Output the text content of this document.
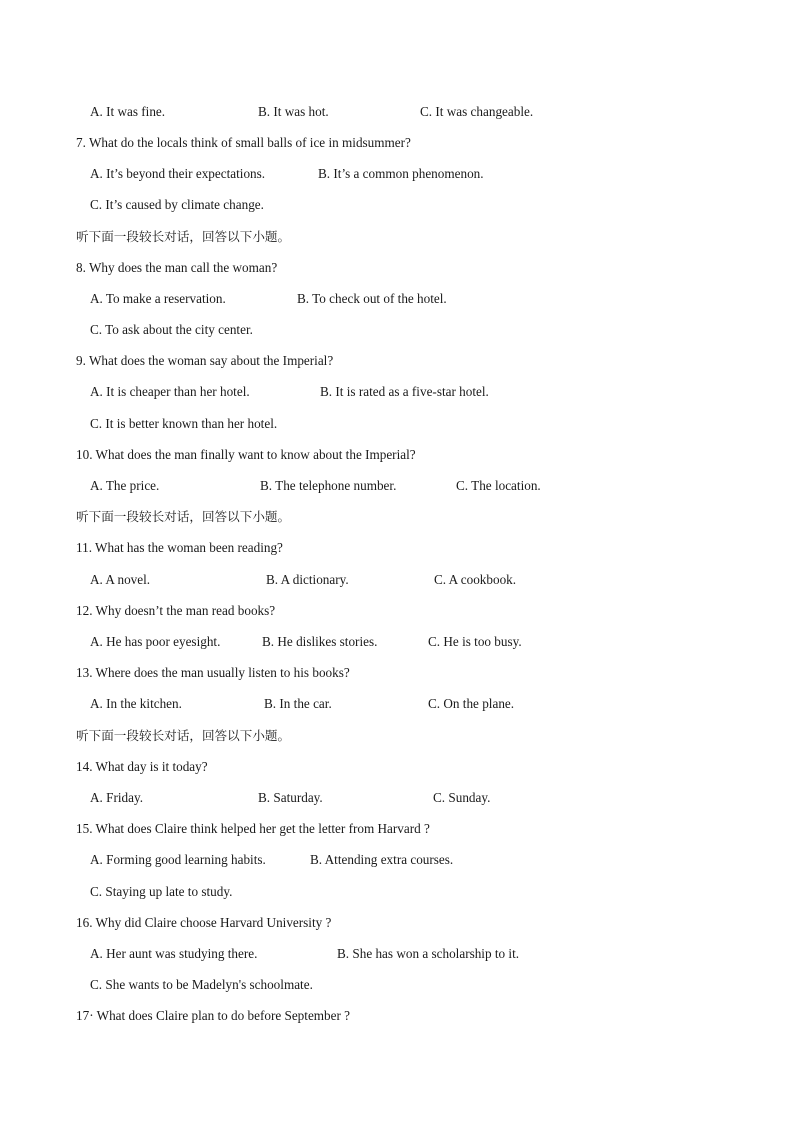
A. It was fine.	B. It was hot.	C. It was changeable.
7. What do the locals think of small balls of ice in midsummer?
A. It’s beyond their expectations.	B. It’s a common phenomenon.
C. It’s caused by climate change.
听下面一段较长对话，回答以下小题。
8. Why does the man call the woman?
A. To make a reservation.	B. To check out of the hotel.
C. To ask about the city center.
9. What does the woman say about the Imperial?
A. It is cheaper than her hotel.	B. It is rated as a five-star hotel.
C. It is better known than her hotel.
10. What does the man finally want to know about the Imperial?
A. The price.	B. The telephone number.	C. The location.
听下面一段较长对话，回答以下小题。
11. What has the woman been reading?
A. A novel.	B. A dictionary.	C. A cookbook.
12. Why doesn’t the man read books?
A. He has poor eyesight.	B. He dislikes stories.	C. He is too busy.
13. Where does the man usually listen to his books?
A. In the kitchen.	B. In the car.	C. On the plane.
听下面一段较长对话，回答以下小题。
14. What day is it today?
A. Friday.	B. Saturday.	C. Sunday.
15. What does Claire think helped her get the letter from Harvard ?
A. Forming good learning habits.	B. Attending extra courses.
C. Staying up late to study.
16. Why did Claire choose Harvard University ?
A. Her aunt was studying there.	B. She has won a scholarship to it.
C. She wants to be Madelyn's schoolmate.
17· What does Claire plan to do before September ?
